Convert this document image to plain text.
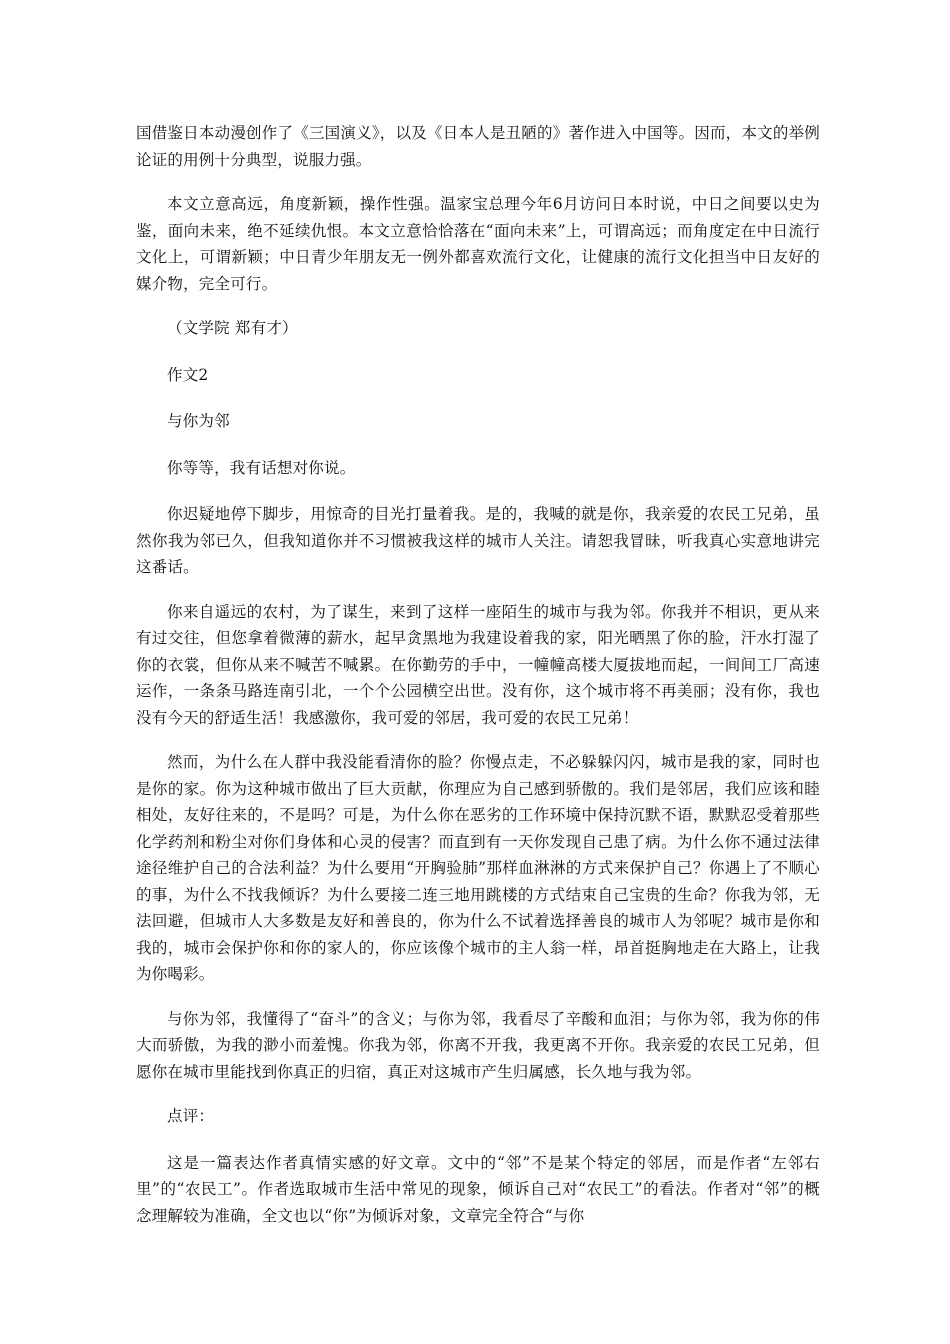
国借鉴日本动漫创作了《三国演义》，以及《日本人是丑陋的》著作进入中国等。因而，本文的举例论证的用例十分典型，说服力强。

本文立意高远，角度新颖，操作性强。温家宝总理今年6月访问日本时说，中日之间要以史为鉴，面向未来，绝不延续仇恨。本文立意恰恰落在“面向未来”上，可谓高远；而角度定在中日流行文化上，可谓新颖；中日青少年朋友无一例外都喜欢流行文化，让健康的流行文化担当中日友好的媒介物，完全可行。

（文学院 郑有才）

作文2

与你为邻

你等等，我有话想对你说。

你迟疑地停下脚步，用惊奇的目光打量着我。是的，我喊的就是你，我亲爱的农民工兄弟，虽然你我为邻已久，但我知道你并不习惯被我这样的城市人关注。请恕我冒昧，听我真心实意地讲完这番话。

你来自遥远的农村，为了谋生，来到了这样一座陌生的城市与我为邻。你我并不相识，更从来有过交往，但您拿着微薄的薪水，起早贪黑地为我建设着我的家，阳光晒黑了你的脸，汗水打湿了你的衣裳，但你从来不喊苦不喊累。在你勤劳的手中，一幢幢高楼大厦拔地而起，一间间工厂高速运作，一条条马路连南引北，一个个公园横空出世。没有你，这个城市将不再美丽；没有你，我也没有今天的舒适生活！我感激你，我可爱的邻居，我可爱的农民工兄弟！

然而，为什么在人群中我没能看清你的脸？你慢点走，不必躲躲闪闪，城市是我的家，同时也是你的家。你为这种城市做出了巨大贡献，你理应为自己感到骄傲的。我们是邻居，我们应该和睦相处，友好往来的，不是吗？可是，为什么你在恶劣的工作环境中保持沉默不语，默默忍受着那些化学药剂和粉尘对你们身体和心灵的侵害？而直到有一天你发现自己患了病。为什么你不通过法律途径维护自己的合法利益？为什么要用“开胸验肺”那样血淋淋的方式来保护自己？你遇上了不顺心的事，为什么不找我倾诉？为什么要接二连三地用跳楼的方式结束自己宝贵的生命？你我为邻，无法回避，但城市人大多数是友好和善良的，你为什么不试着选择善良的城市人为邻呢？城市是你和我的，城市会保护你和你的家人的，你应该像个城市的主人翁一样，昂首挺胸地走在大路上，让我为你喝彩。

与你为邻，我懂得了“奋斗”的含义；与你为邻，我看尽了辛酸和血泪；与你为邻，我为你的伟大而骄傲，为我的渺小而羞愧。你我为邻，你离不开我，我更离不开你。我亲爱的农民工兄弟，但愿你在城市里能找到你真正的归宿，真正对这城市产生归属感，长久地与我为邻。

点评：

这是一篇表达作者真情实感的好文章。文中的“邻”不是某个特定的邻居，而是作者“左邻右里”的“农民工”。作者选取城市生活中常见的现象，倾诉自己对“农民工”的看法。作者对“邻”的概念理解较为准确，全文也以“你”为倾诉对象，文章完全符合“与你
